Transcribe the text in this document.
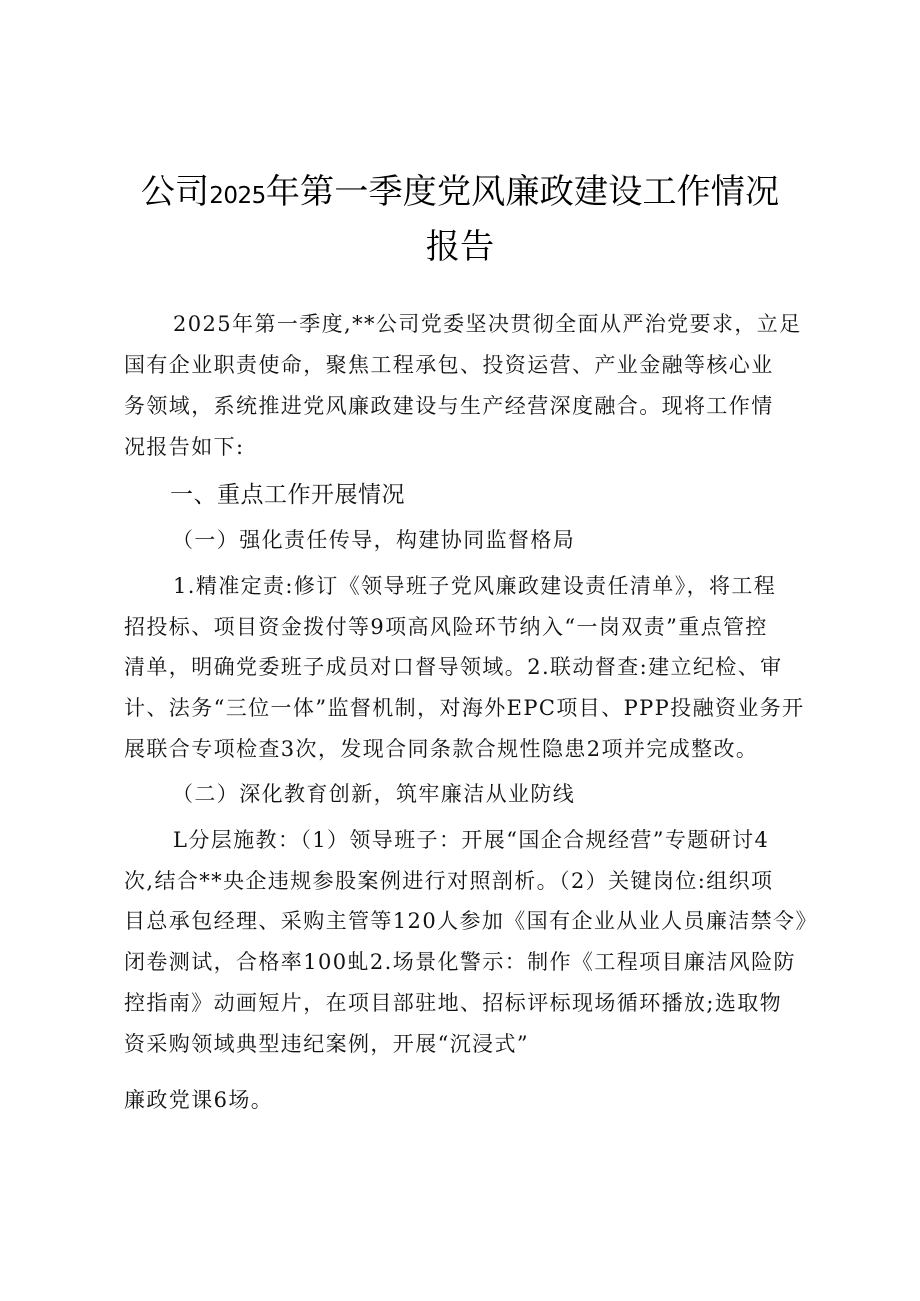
公司2025年第一季度党风廉政建设工作情况
报告
2025年第一季度,**公司党委坚决贯彻全面从严治党要求，立足
国有企业职责使命，聚焦工程承包、投资运营、产业金融等核心业
务领域，系统推进党风廉政建设与生产经营深度融合。现将工作情
况报告如下:
一、重点工作开展情况
（一）强化责任传导，构建协同监督格局
1.精准定责:修订《领导班子党风廉政建设责任清单》，将工程
招投标、项目资金拨付等9项高风险环节纳入“一岗双责”重点管控
清单，明确党委班子成员对口督导领域。2.联动督查:建立纪检、审
计、法务“三位一体”监督机制，对海外EPC项目、PPP投融资业务开
展联合专项检查3次，发现合同条款合规性隐患2项并完成整改。
（二）深化教育创新，筑牢廉洁从业防线
L分层施教：（1）领导班子：开展“国企合规经营”专题研讨4
次,结合**央企违规参股案例进行对照剖析。（2）关键岗位:组织项
目总承包经理、采购主管等120人参加《国有企业从业人员廉洁禁令》
闭卷测试，合格率100虬2.场景化警示：制作《工程项目廉洁风险防
控指南》动画短片，在项目部驻地、招标评标现场循环播放;选取物
资采购领域典型违纪案例，开展“沉浸式”
廉政党课6场。
